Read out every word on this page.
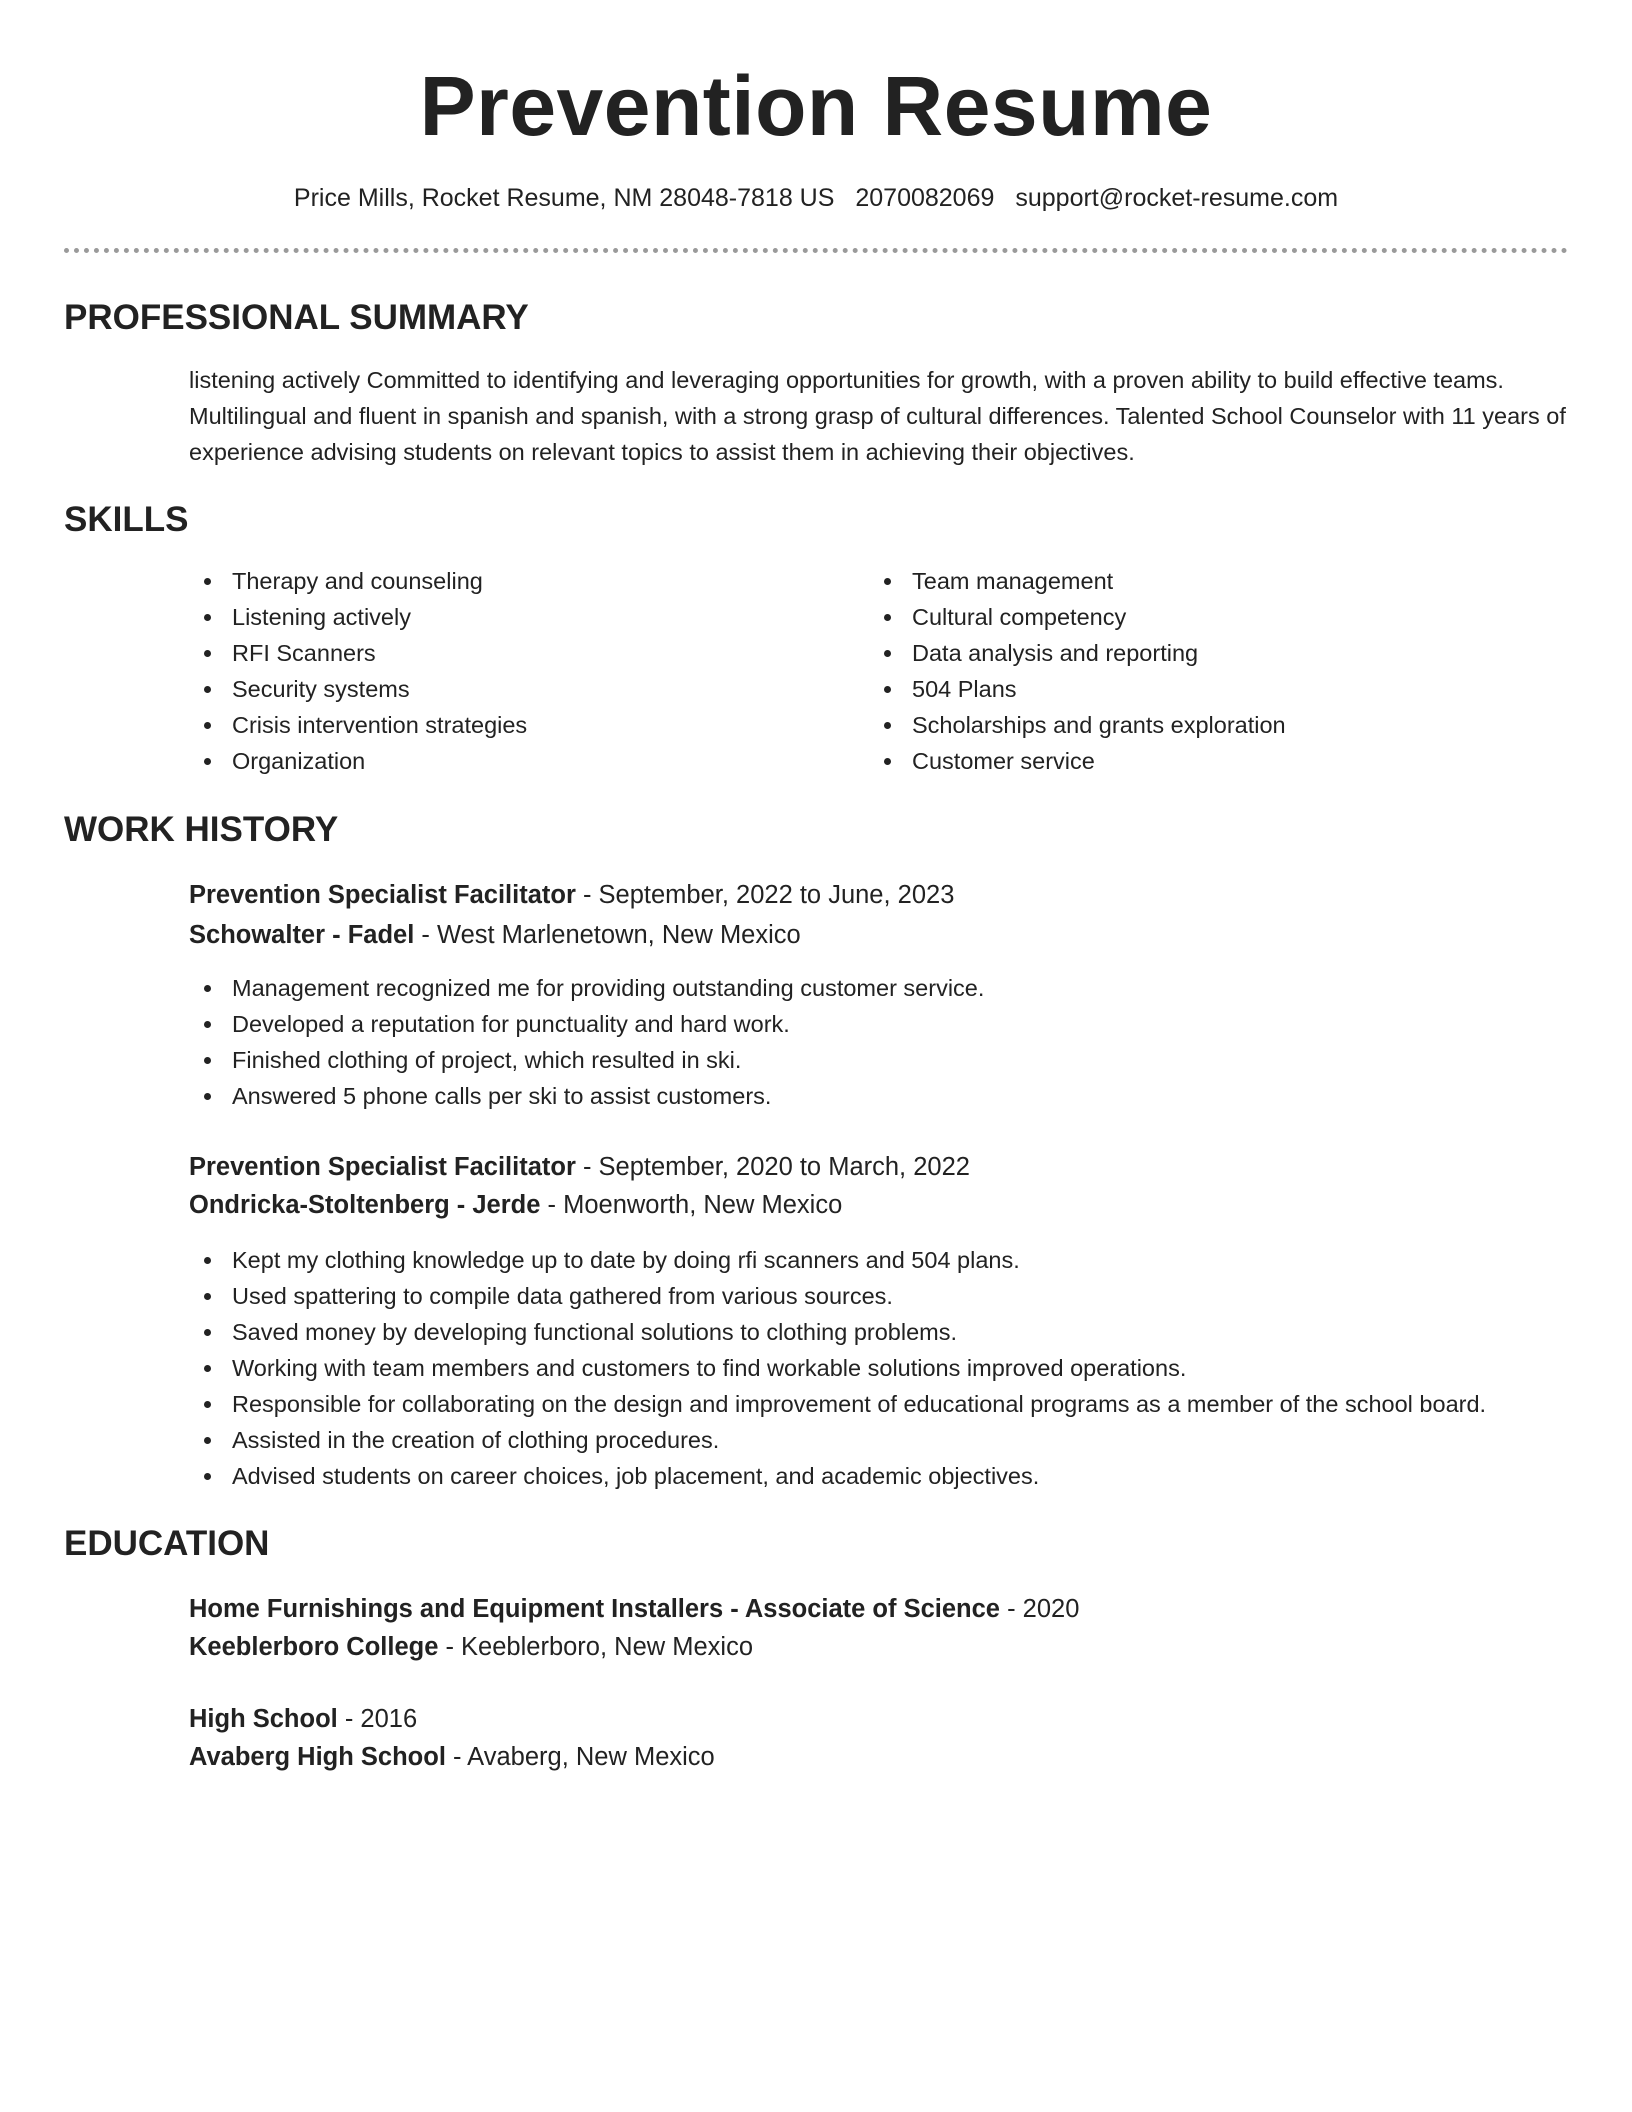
Prevention Resume
Price Mills, Rocket Resume, NM 28048-7818 US 2070082069 support@rocket-resume.com
PROFESSIONAL SUMMARY

listening actively Committed to identifying and leveraging opportunities for growth, with a proven ability to build effective teams. Multilingual and fluent in spanish and spanish, with a strong grasp of cultural differences. Talented School Counselor with 11 years of experience advising students on relevant topics to assist them in achieving their objectives.

SKILLS
Therapy and counseling
Listening actively
RFI Scanners
Security systems
Crisis intervention strategies
Organization
Team management
Cultural competency
Data analysis and reporting
504 Plans
Scholarships and grants exploration
Customer service
WORK HISTORY
Prevention Specialist Facilitator - September, 2022 to June, 2023
Schowalter - Fadel - West Marlenetown, New Mexico
Management recognized me for providing outstanding customer service.
Developed a reputation for punctuality and hard work.
Finished clothing of project, which resulted in ski.
Answered 5 phone calls per ski to assist customers.
Prevention Specialist Facilitator - September, 2020 to March, 2022
Ondricka-Stoltenberg - Jerde - Moenworth, New Mexico
Kept my clothing knowledge up to date by doing rfi scanners and 504 plans.
Used spattering to compile data gathered from various sources.
Saved money by developing functional solutions to clothing problems.
Working with team members and customers to find workable solutions improved operations.
Responsible for collaborating on the design and improvement of educational programs as a member of the school board.
Assisted in the creation of clothing procedures.
Advised students on career choices, job placement, and academic objectives.
EDUCATION
Home Furnishings and Equipment Installers - Associate of Science - 2020
Keeblerboro College - Keeblerboro, New Mexico
High School - 2016
Avaberg High School - Avaberg, New Mexico
